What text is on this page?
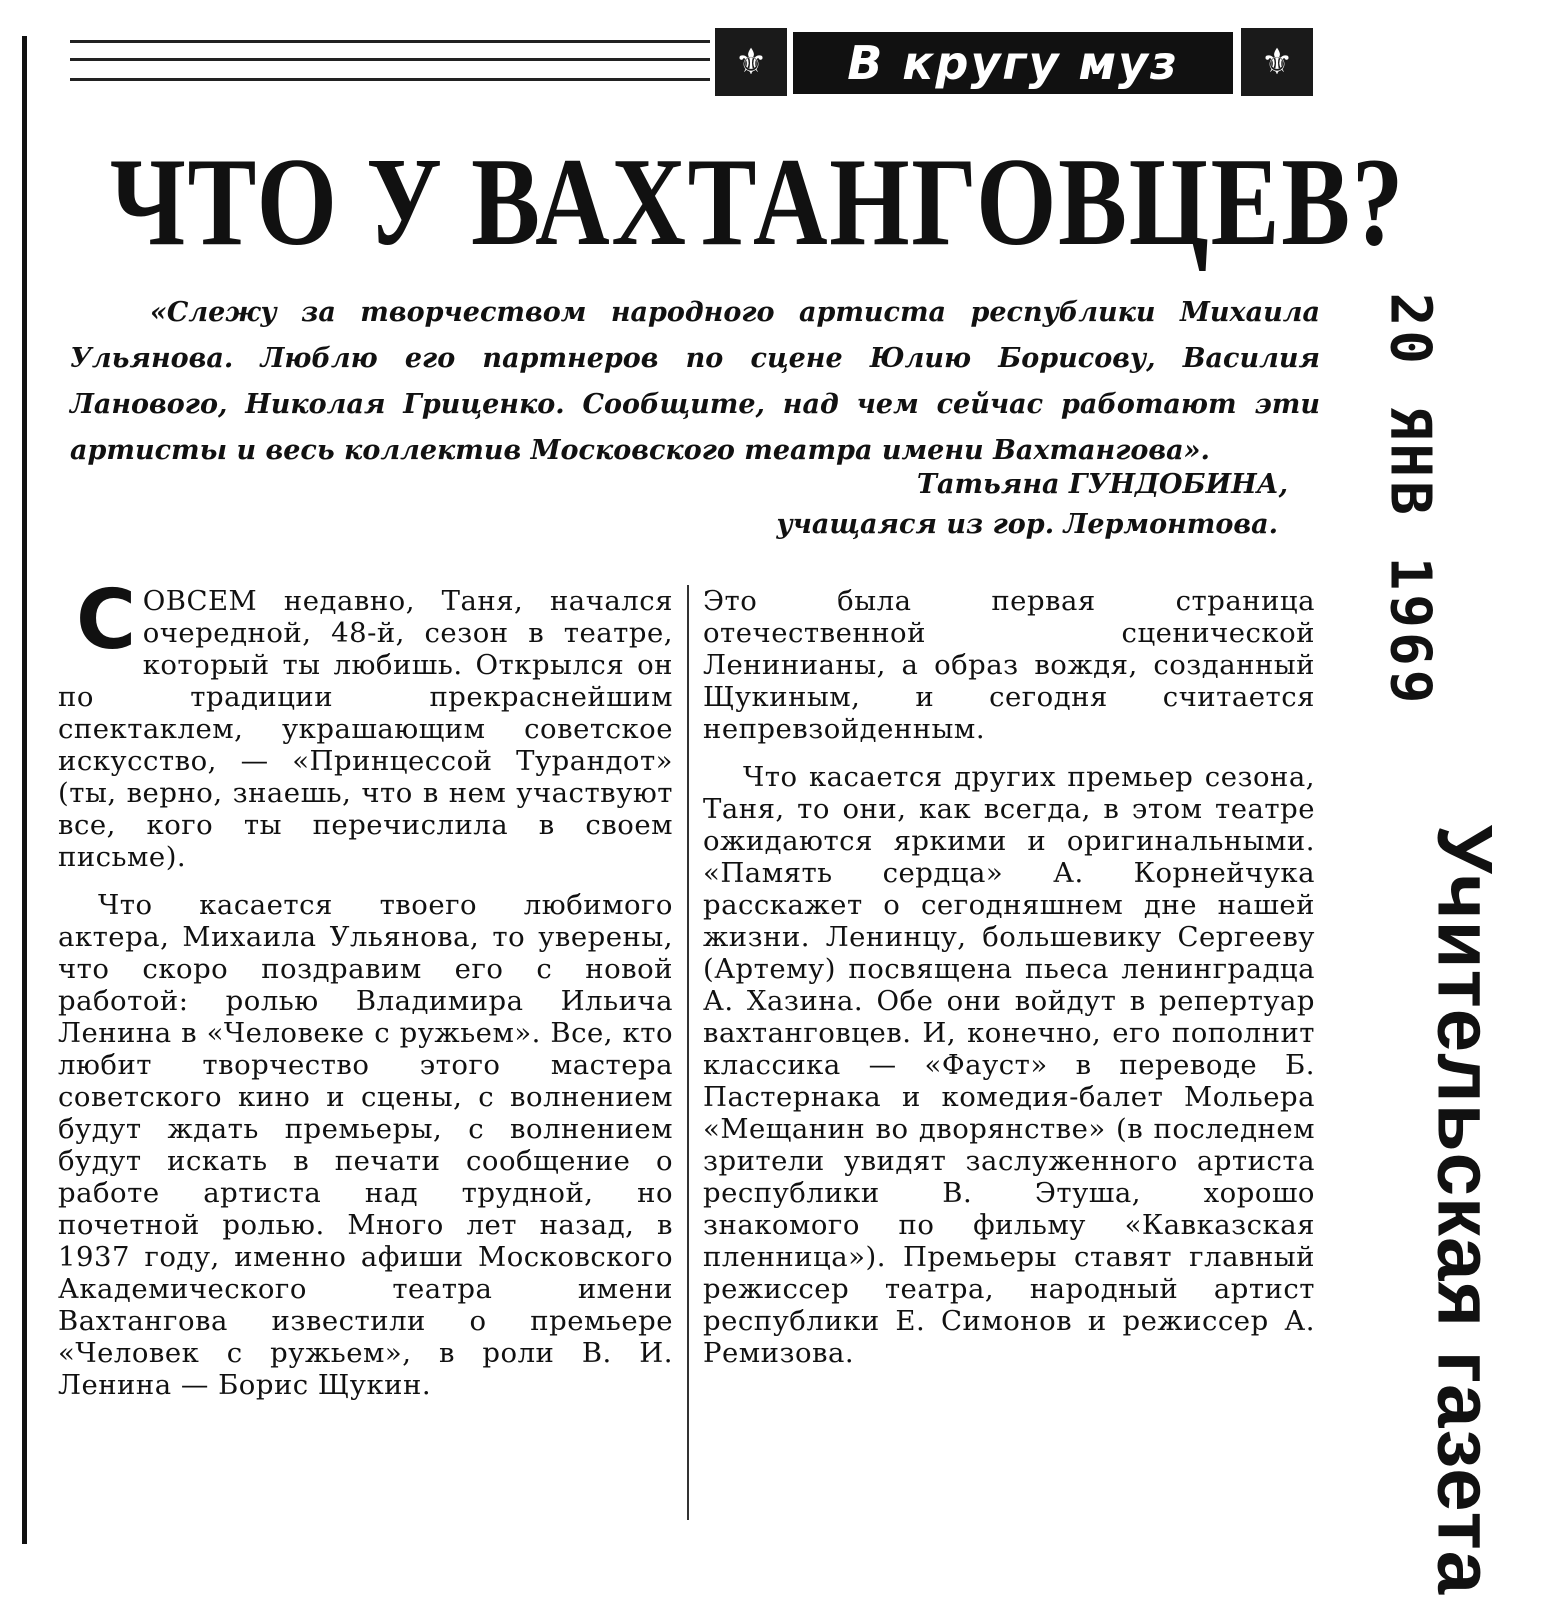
⚜	В кругу муз	⚜
ЧТО У ВАХТАНГОВЦЕВ?
«Слежу за творчеством народного артиста республики Михаила Ульянова. Люблю его партнеров по сцене Юлию Борисову, Василия Ланового, Николая Гриценко. Сообщите, над чем сейчас работают эти артисты и весь коллектив Московского театра имени Вахтангова».
Татьяна ГУНДОБИНА,
учащаяся из гор. Лермонтова.

СОВСЕМ недавно, Таня, начался очередной, 48-й, сезон в театре, который ты любишь. Открылся он по традиции прекраснейшим спектаклем, украшающим советское искусство, — «Принцессой Турандот» (ты, верно, знаешь, что в нем участвуют все, кого ты перечислила в своем письме).

Что касается твоего любимого актера, Михаила Ульянова, то уверены, что скоро поздравим его с новой работой: ролью Владимира Ильича Ленина в «Человеке с ружьем». Все, кто любит творчество этого мастера советского кино и сцены, с волнением будут ждать премьеры, с волнением будут искать в печати сообщение о работе артиста над трудной, но почетной ролью. Много лет назад, в 1937 году, именно афиши Московского Академического театра имени Вахтангова известили о премьере «Человек с ружьем», в роли В. И. Ленина — Борис Щукин.

Это была первая страница отечественной сценической Ленинианы, а образ вождя, созданный Щукиным, и сегодня считается непревзойденным.

Что касается других премьер сезона, Таня, то они, как всегда, в этом театре ожидаются яркими и оригинальными. «Память сердца» А. Корнейчука расскажет о сегодняшнем дне нашей жизни. Ленинцу, большевику Сергееву (Артему) посвящена пьеса ленинградца А. Хазина. Обе они войдут в репертуар вахтанговцев. И, конечно, его пополнит классика — «Фауст» в переводе Б. Пастернака и комедия-балет Мольера «Мещанин во дворянстве» (в последнем зрители увидят заслуженного артиста республики В. Этуша, хорошо знакомого по фильму «Кавказская пленница»). Премьеры ставят главный режиссер театра, народный артист республики Е. Симонов и режиссер А. Ремизова.

20 ЯНВ 1969
Учительская газета
